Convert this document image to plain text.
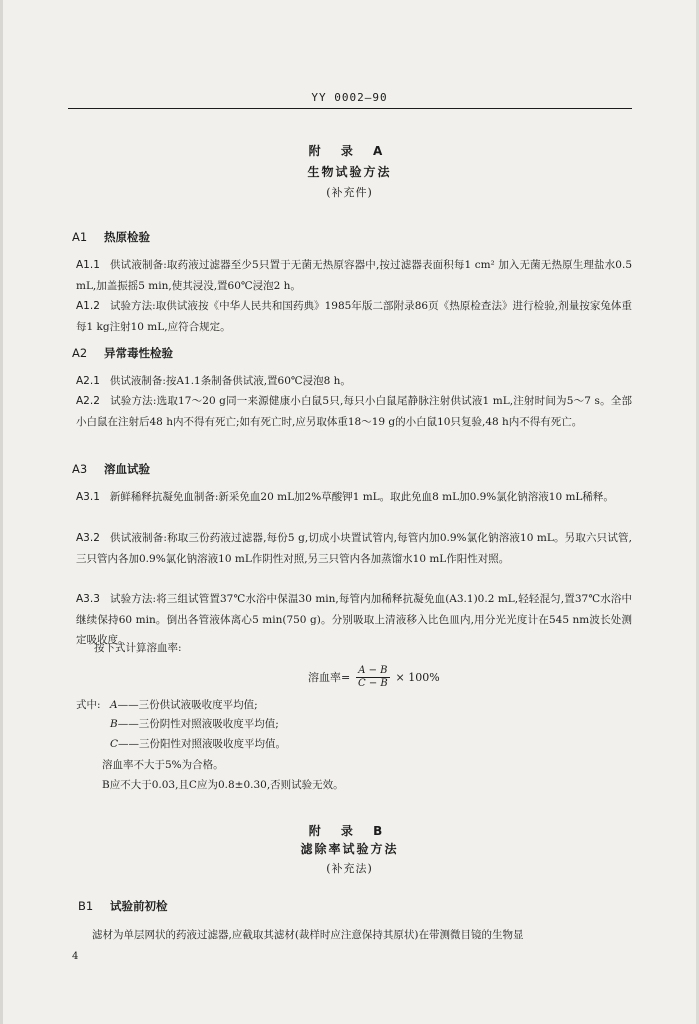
YY 0002—90
附 录 A
生物试验方法
(补充件)
A1 热原检验
A1.1 供试液制备:取药液过滤器至少5只置于无菌无热原容器中,按过滤器表面积每1 cm² 加入无菌无热原生理盐水0.5 mL,加盖振摇5 min,使其浸没,置60℃浸泡2 h。
A1.2 试验方法:取供试液按《中华人民共和国药典》1985年版二部附录86页《热原检查法》进行检验,剂量按家兔体重每1 kg注射10 mL,应符合规定。
A2 异常毒性检验
A2.1 供试液制备:按A1.1条制备供试液,置60℃浸泡8 h。
A2.2 试验方法:选取17～20 g同一来源健康小白鼠5只,每只小白鼠尾静脉注射供试液1 mL,注射时间为5～7 s。全部小白鼠在注射后48 h内不得有死亡;如有死亡时,应另取体重18～19 g的小白鼠10只复验,48 h内不得有死亡。
A3 溶血试验
A3.1 新鲜稀释抗凝免血制备:新采免血20 mL加2%草酸钾1 mL。取此免血8 mL加0.9%氯化钠溶液10 mL稀释。
A3.2 供试液制备:称取三份药液过滤器,每份5 g,切成小块置试管内,每管内加0.9%氯化钠溶液10 mL。另取六只试管,三只管内各加0.9%氯化钠溶液10 mL作阴性对照,另三只管内各加蒸馏水10 mL作阳性对照。
A3.3 试验方法:将三组试管置37℃水浴中保温30 min,每管内加稀释抗凝免血(A3.1)0.2 mL,轻轻混匀,置37℃水浴中继续保持60 min。倒出各管液体离心5 min(750 g)。分别吸取上清液移入比色皿内,用分光光度计在545 nm波长处测定吸收度。
按下式计算溶血率:
溶血率= $\frac{A - B}{C - B} \times 100\%$
式中: A——三份供试液吸收度平均值;
B——三份阴性对照液吸收度平均值;
C——三份阳性对照液吸收度平均值。
溶血率不大于5%为合格。
B应不大于0.03,且C应为0.8±0.30,否则试验无效。
附 录 B
滤除率试验方法
(补充法)
B1 试验前初检
滤材为单层网状的药液过滤器,应截取其滤材(裁样时应注意保持其原状)在带测微目镜的生物显
4
